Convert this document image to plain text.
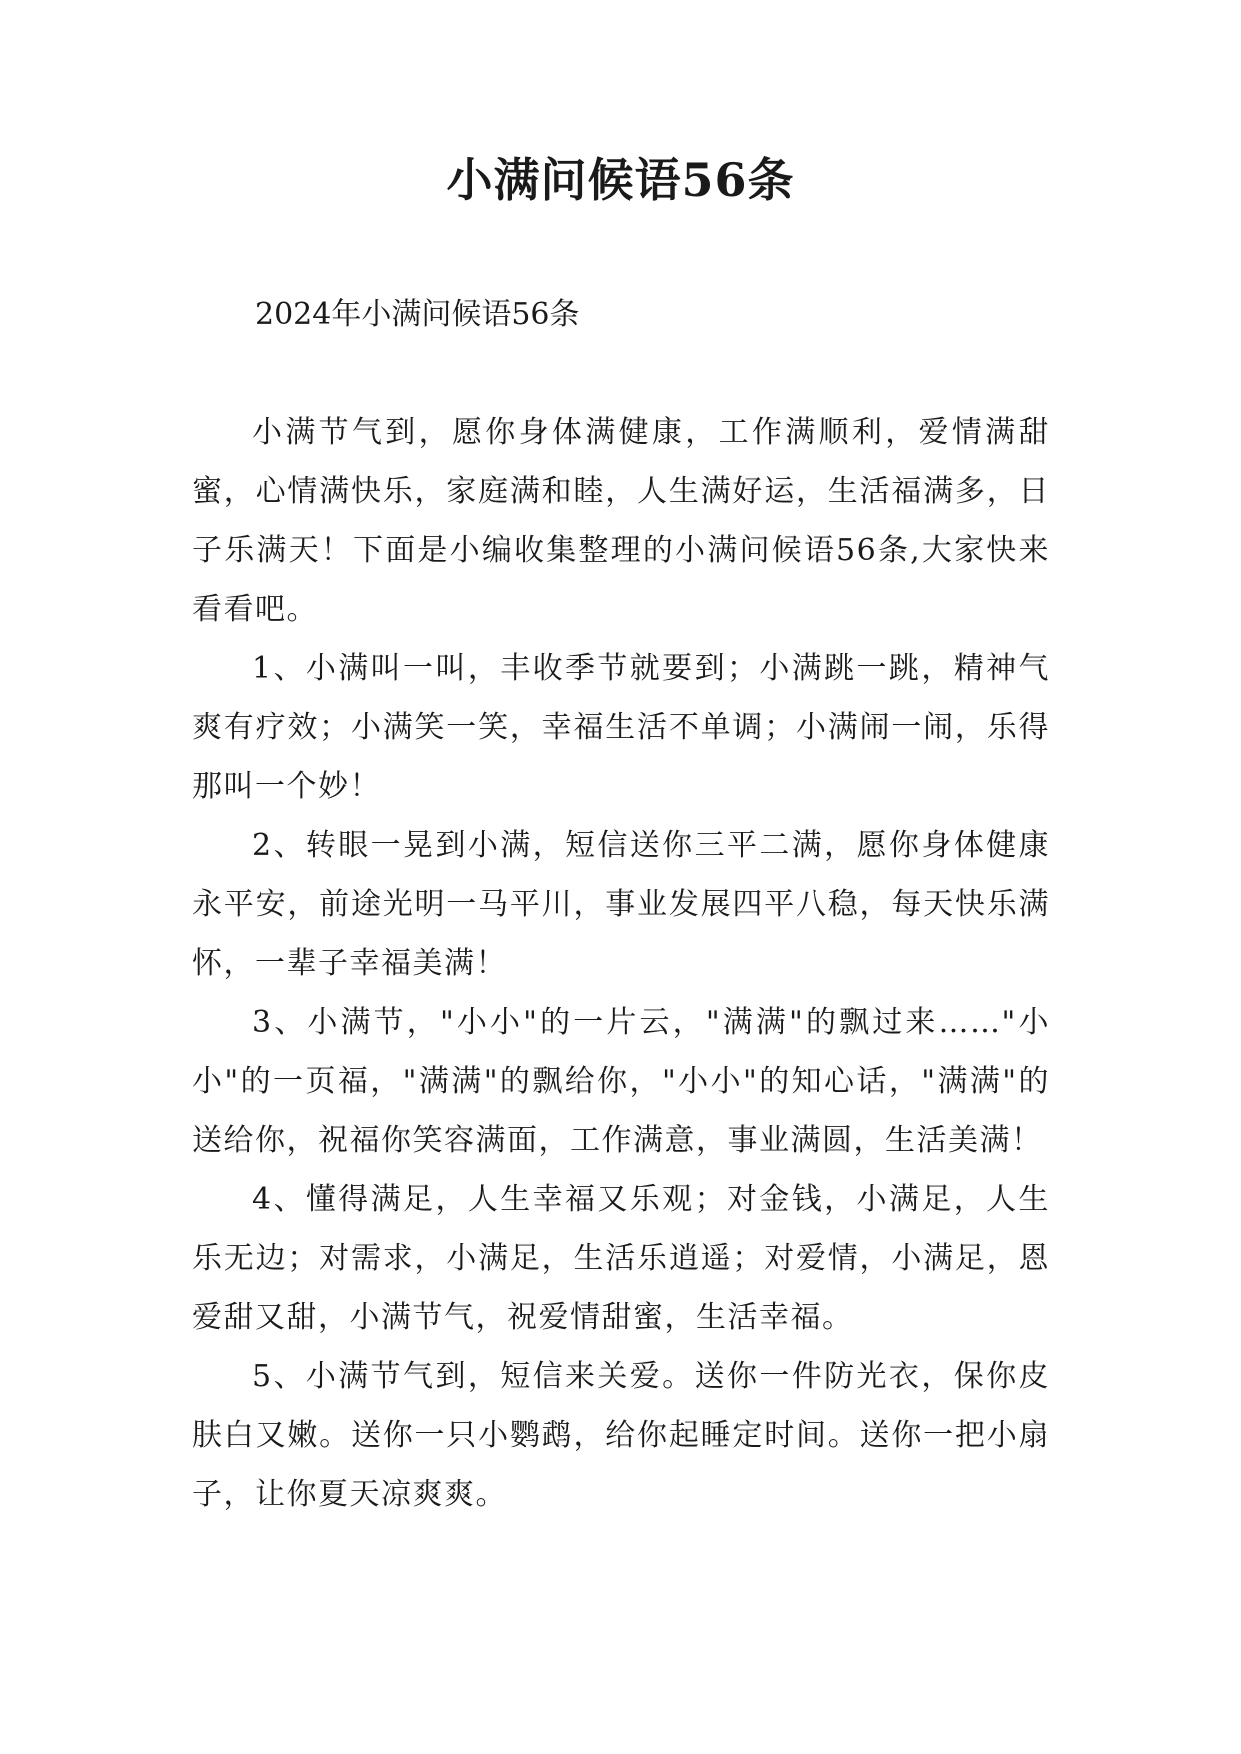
小满问候语56条
2024年小满问候语56条

小满节气到，愿你身体满健康，工作满顺利，爱情满甜蜜，心情满快乐，家庭满和睦，人生满好运，生活福满多，日子乐满天！下面是小编收集整理的小满问候语56条,大家快来看看吧。

1、小满叫一叫，丰收季节就要到；小满跳一跳，精神气爽有疗效；小满笑一笑，幸福生活不单调；小满闹一闹，乐得那叫一个妙！

2、转眼一晃到小满，短信送你三平二满，愿你身体健康永平安，前途光明一马平川，事业发展四平八稳，每天快乐满怀，一辈子幸福美满！

3、小满节，"小小"的一片云，"满满"的飘过来……"小小"的一页福，"满满"的飘给你，"小小"的知心话，"满满"的送给你，祝福你笑容满面，工作满意，事业满圆，生活美满！

4、懂得满足，人生幸福又乐观；对金钱，小满足，人生乐无边；对需求，小满足，生活乐逍遥；对爱情，小满足，恩爱甜又甜，小满节气，祝爱情甜蜜，生活幸福。

5、小满节气到，短信来关爱。送你一件防光衣，保你皮肤白又嫩。送你一只小鹦鹉，给你起睡定时间。送你一把小扇子，让你夏天凉爽爽。
